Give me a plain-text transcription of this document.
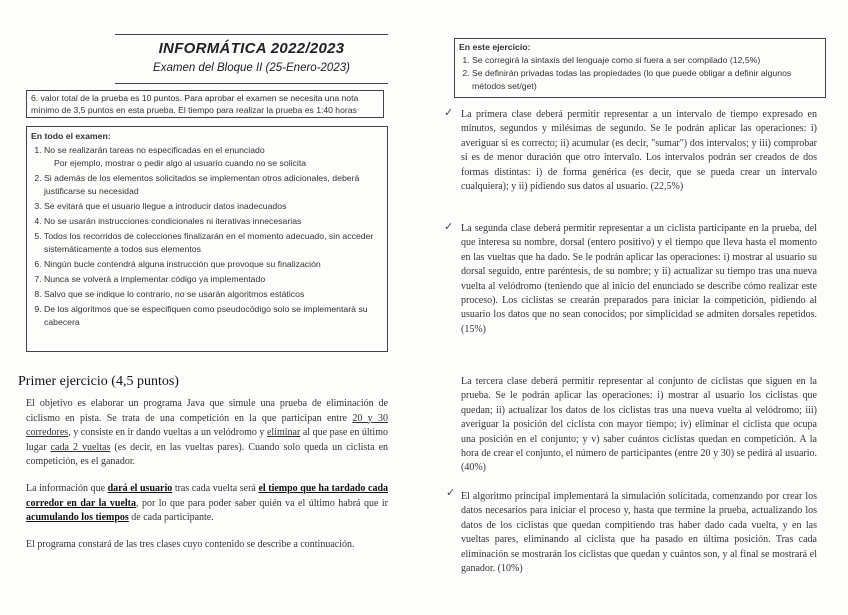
INFORMÁTICA 2022/2023
Examen del Bloque II (25-Enero-2023)
6. valor total de la prueba es 10 puntos. Para aprobar el examen se necesita una nota mínimo de 3,5 puntos en esta prueba. El tiempo para realizar la prueba es 1:40 horas
En todo el examen:
1. No se realizarán tareas no especificadas en el enunciado
Por ejemplo, mostrar o pedir algo al usuario cuando no se solicita
2. Si además de los elementos solicitados se implementan otros adicionales, deberá justificarse su necesidad
3. Se evitará que el usuario llegue a introducir datos inadecuados
4. No se usarán instrucciones condicionales ni iterativas innecesarias
5. Todos los recorridos de colecciones finalizarán en el momento adecuado, sin acceder sistemáticamente a todos sus elementos
6. Ningún bucle contendrá alguna instrucción que provoque su finalización
7. Nunca se volverá a implementar código ya implementado
8. Salvo que se indique lo contrario, no se usarán algoritmos estáticos
9. De los algoritmos que se especifiquen como pseudocódigo solo se implementará su cabecera
Primer ejercicio (4,5 puntos)

El objetivo es elaborar un programa Java que simule una prueba de eliminación de ciclismo en pista. Se trata de una competición en la que participan entre 20 y 30 corredores, y consiste en ir dando vueltas a un velódromo y eliminar al que pase en último lugar cada 2 vueltas (es decir, en las vueltas pares). Cuando solo queda un ciclista en competición, es el ganador.

La información que dará el usuario tras cada vuelta será el tiempo que ha tardado cada corredor en dar la vuelta, por lo que para poder saber quién va el último habrá que ir acumulando los tiempos de cada participante.

El programa constará de las tres clases cuyo contenido se describe a continuación.

En este ejercicio:
1. Se corregirá la sintaxis del lenguaje como si fuera a ser compilado (12,5%)
2. Se definirán privadas todas las propiedades (lo que puede obligar a definir algunos métodos set/get)
✓ La primera clase deberá permitir representar a un intervalo de tiempo expresado en minutos, segundos y milésimas de segundo. Se le podrán aplicar las operaciones: i) averiguar si es correcto; ii) acumular (es decir, "sumar") dos intervalos; y iii) comprobar si es de menor duración que otro intervalo. Los intervalos podrán ser creados de dos formas distintas: i) de forma genérica (es decir, que se pueda crear un intervalo cualquiera); y ii) pidiendo sus datos al usuario. (22,5%)

✓ La segunda clase deberá permitir representar a un ciclista participante en la prueba, del que interesa su nombre, dorsal (entero positivo) y el tiempo que lleva hasta el momento en las vueltas que ha dado. Se le podrán aplicar las operaciones: i) mostrar al usuario su dorsal seguido, entre paréntesis, de su nombre; y ii) actualizar su tiempo tras una nueva vuelta al velódromo (teniendo que al inicio del enunciado se describe cómo realizar este proceso). Los ciclistas se crearán preparados para iniciar la competición, pidiendo al usuario los datos que no sean conocidos; por simplicidad se admiten dorsales repetidos. (15%)

La tercera clase deberá permitir representar al conjunto de ciclistas que siguen en la prueba. Se le podrán aplicar las operaciones: i) mostrar al usuario los ciclistas que quedan; ii) actualizar los datos de los ciclistas tras una nueva vuelta al velódromo; iii) averiguar la posición del ciclista con mayor tiempo; iv) eliminar el ciclista que ocupa una posición en el conjunto; y v) saber cuántos ciclistas quedan en competición. A la hora de crear el conjunto, el número de participantes (entre 20 y 30) se pedirá al usuario. (40%)

✓ El algoritmo principal implementará la simulación solicitada, comenzando por crear los datos necesarios para iniciar el proceso y, hasta que termine la prueba, actualizando los datos de los ciclistas que quedan compitiendo tras haber dado cada vuelta, y en las vueltas pares, eliminando al ciclista que ha pasado en última posición. Tras cada eliminación se mostrarán los ciclistas que quedan y cuántos son, y al final se mostrará el ganador. (10%)
